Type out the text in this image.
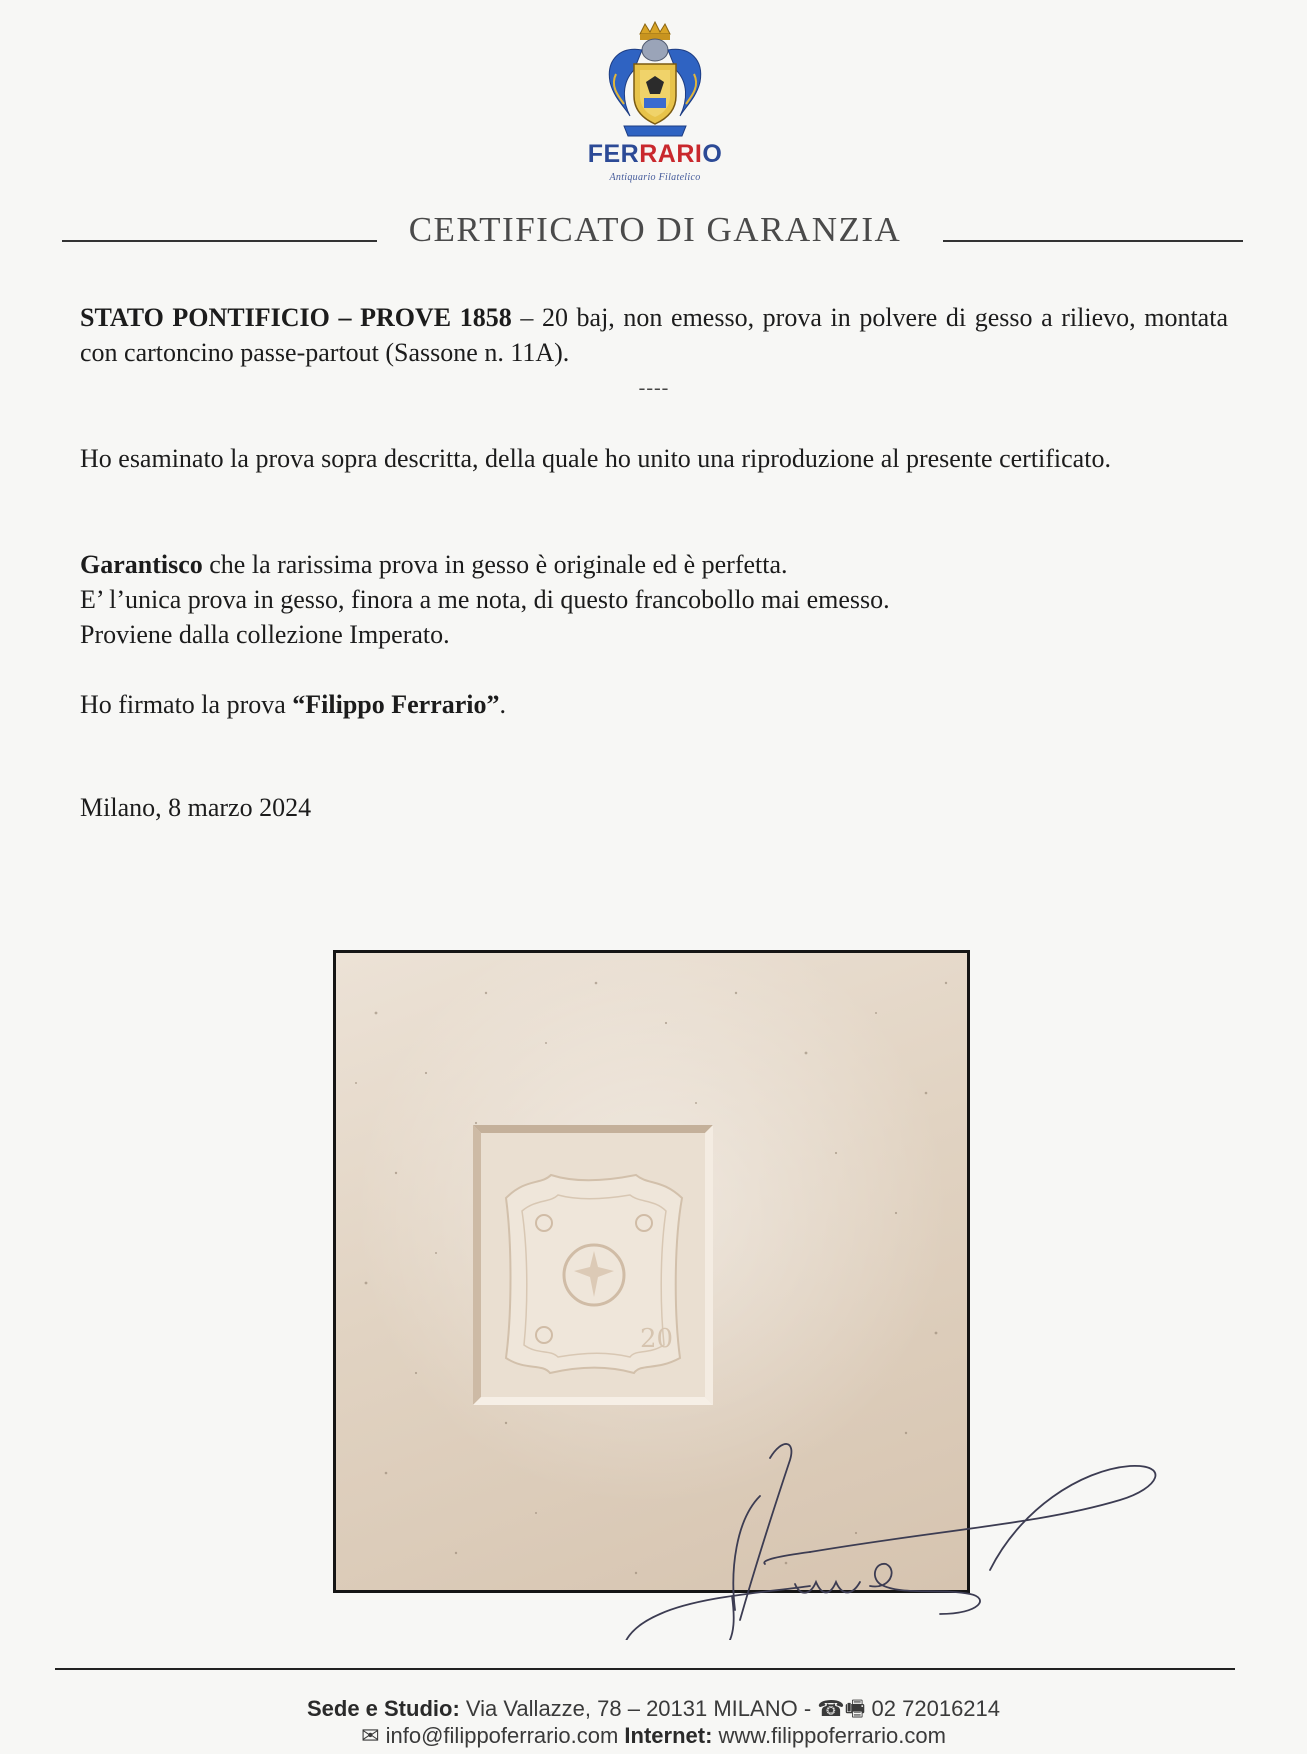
FERRARIO
Antiquario Filatelico
CERTIFICATO DI GARANZIA
STATO PONTIFICIO – PROVE 1858 – 20 baj, non emesso, prova in polvere di gesso a rilievo, montata con cartoncino passe-partout (Sassone n. 11A).
----
Ho esaminato la prova sopra descritta, della quale ho unito una riproduzione al presente certificato.
Garantisco che la rarissima prova in gesso è originale ed è perfetta.
E’ l’unica prova in gesso, finora a me nota, di questo francobollo mai emesso.
Proviene dalla collezione Imperato.
Ho firmato la prova “Filippo Ferrario”.
Milano, 8 marzo 2024
20
Sede e Studio: Via Vallazze, 78 – 20131 MILANO - ☎🖷 02 72016214
✉ info@filippoferrario.com Internet: www.filippoferrario.com
